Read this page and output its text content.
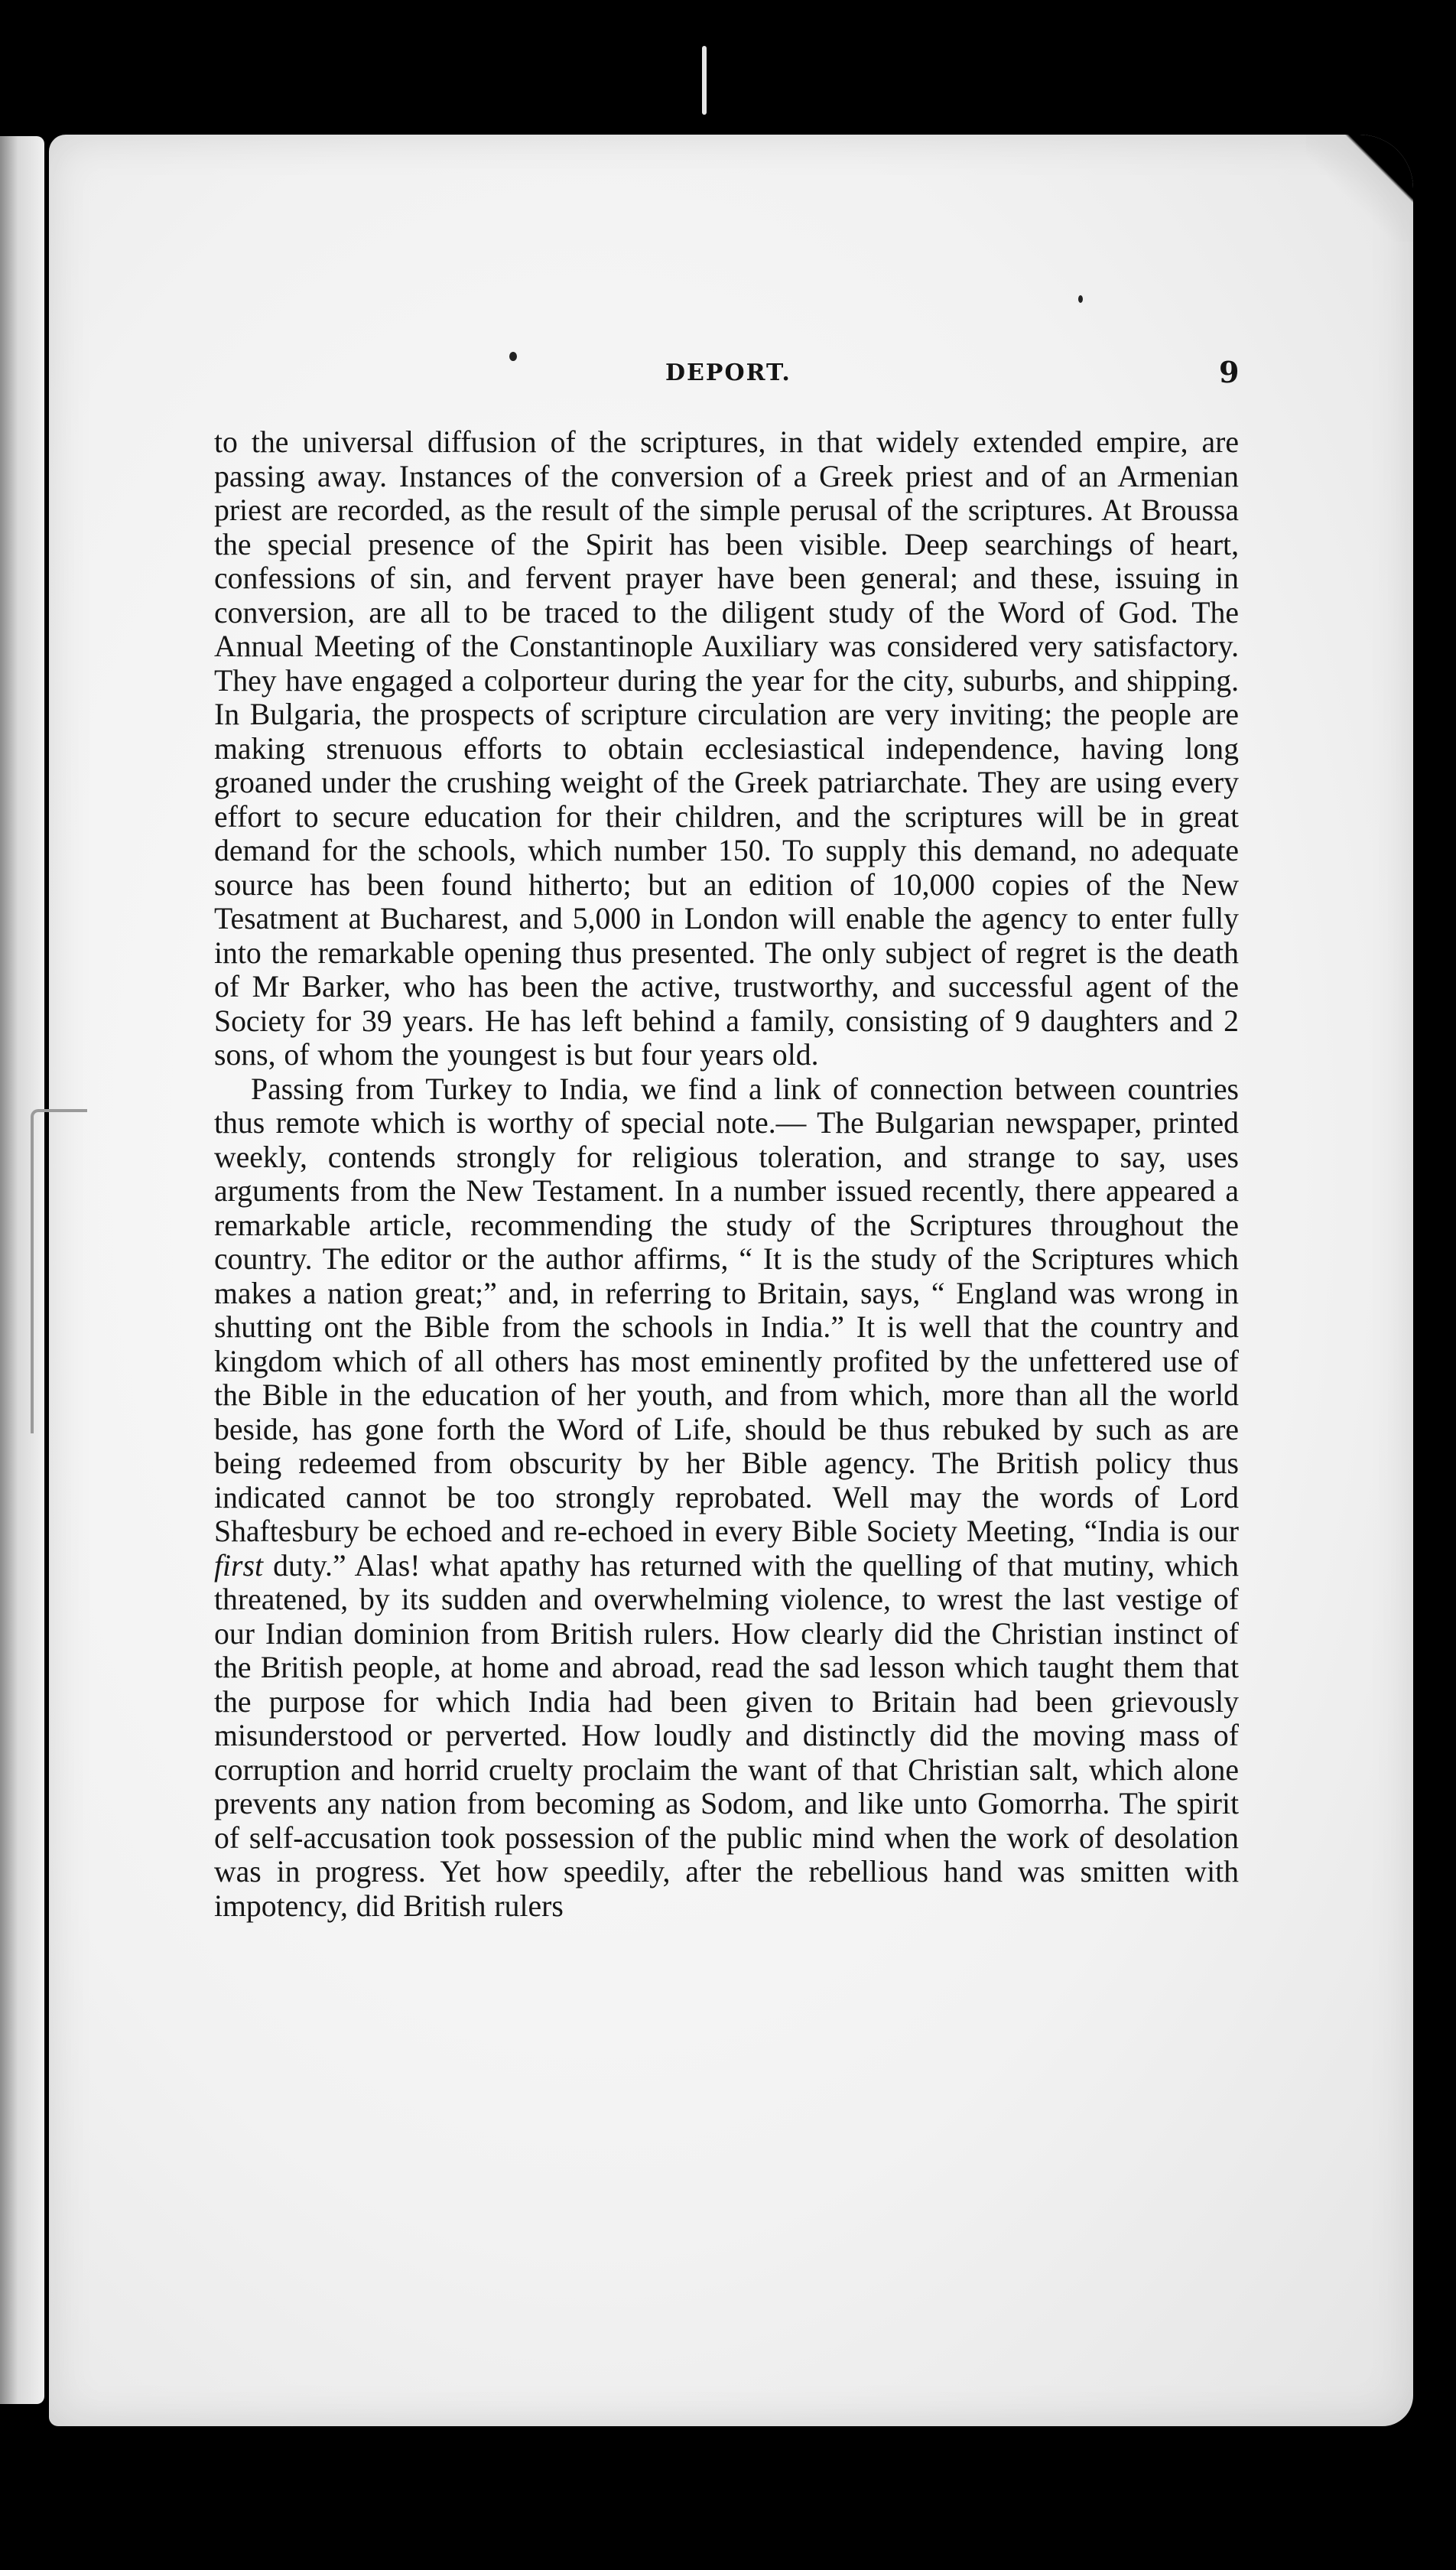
DEPORT.	9

to the universal diffusion of the scriptures, in that widely extended empire, are passing away. Instances of the conversion of a Greek priest and of an Armenian priest are recorded, as the result of the simple perusal of the scriptures. At Broussa the special presence of the Spirit has been visible. Deep searchings of heart, confessions of sin, and fervent prayer have been general; and these, issuing in conversion, are all to be traced to the diligent study of the Word of God. The Annual Meeting of the Constantinople Auxiliary was considered very satisfactory. They have engaged a colporteur during the year for the city, suburbs, and shipping. In Bulgaria, the prospects of scripture circulation are very inviting; the people are making strenuous efforts to obtain ecclesiastical independence, having long groaned under the crushing weight of the Greek patriarchate. They are using every effort to secure education for their children, and the scriptures will be in great demand for the schools, which number 150. To supply this demand, no adequate source has been found hitherto; but an edition of 10,000 copies of the New Tesatment at Bucharest, and 5,000 in London will enable the agency to enter fully into the remarkable opening thus presented. The only subject of regret is the death of Mr Barker, who has been the active, trustworthy, and successful agent of the Society for 39 years. He has left behind a family, consisting of 9 daughters and 2 sons, of whom the youngest is but four years old.

Passing from Turkey to India, we find a link of connection between countries thus remote which is worthy of special note.— The Bulgarian newspaper, printed weekly, contends strongly for religious toleration, and strange to say, uses arguments from the New Testament. In a number issued recently, there appeared a remarkable article, recommending the study of the Scriptures throughout the country. The editor or the author affirms, “ It is the study of the Scriptures which makes a nation great;” and, in referring to Britain, says, “ England was wrong in shutting ont the Bible from the schools in India.” It is well that the country and kingdom which of all others has most eminently profited by the unfettered use of the Bible in the education of her youth, and from which, more than all the world beside, has gone forth the Word of Life, should be thus rebuked by such as are being redeemed from obscurity by her Bible agency. The British policy thus indicated cannot be too strongly reprobated. Well may the words of Lord Shaftesbury be echoed and re-echoed in every Bible Society Meeting, “India is our first duty.” Alas! what apathy has returned with the quelling of that mutiny, which threatened, by its sudden and overwhelming violence, to wrest the last vestige of our Indian dominion from British rulers. How clearly did the Christian instinct of the British people, at home and abroad, read the sad lesson which taught them that the purpose for which India had been given to Britain had been grievously misunderstood or perverted. How loudly and distinctly did the moving mass of corruption and horrid cruelty proclaim the want of that Christian salt, which alone prevents any nation from becoming as Sodom, and like unto Gomorrha. The spirit of self-accusation took possession of the public mind when the work of desolation was in progress. Yet how speedily, after the rebellious hand was smitten with impotency, did British rulers
